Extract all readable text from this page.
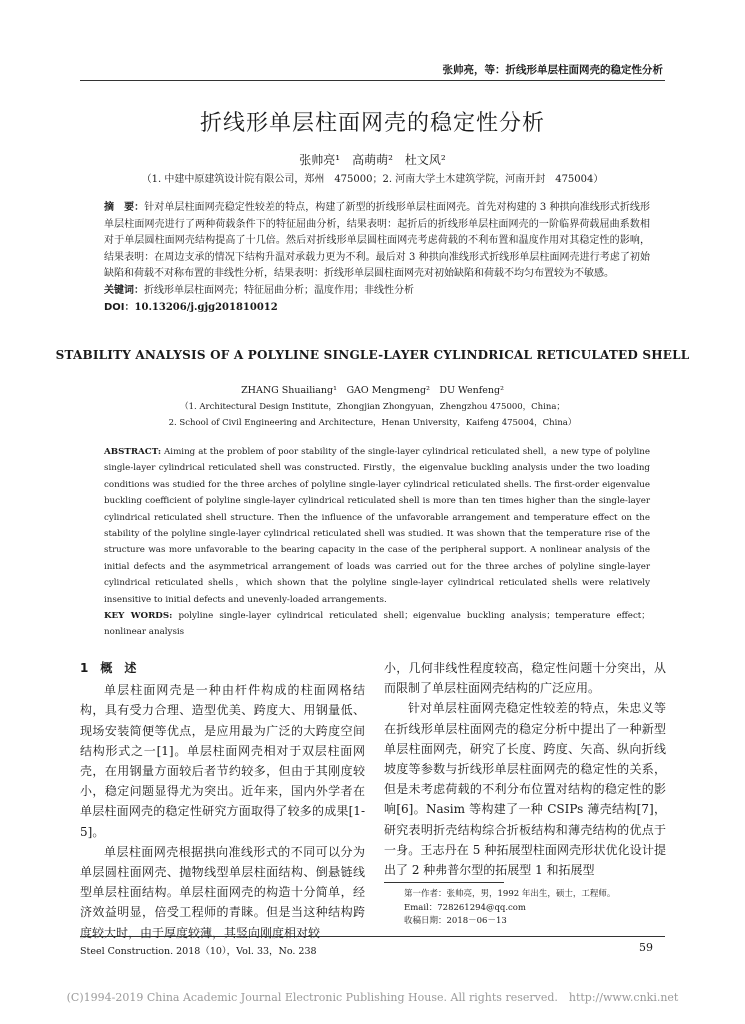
张帅亮，等：折线形单层柱面网壳的稳定性分析
折线形单层柱面网壳的稳定性分析
张帅亮¹　高萌萌²　杜文风²
（1. 中建中原建筑设计院有限公司，郑州　475000；2. 河南大学土木建筑学院，河南开封　475004）
摘　要：针对单层柱面网壳稳定性较差的特点，构建了新型的折线形单层柱面网壳。首先对构建的 3 种拱向准线形式折线形单层柱面网壳进行了两种荷载条件下的特征屈曲分析，结果表明：起折后的折线形单层柱面网壳的一阶临界荷载屈曲系数相对于单层圆柱面网壳结构提高了十几倍。然后对折线形单层圆柱面网壳考虑荷载的不利布置和温度作用对其稳定性的影响，结果表明：在周边支承的情况下结构升温对承载力更为不利。最后对 3 种拱向准线形式折线形单层柱面网壳进行考虑了初始缺陷和荷载不对称布置的非线性分析，结果表明：折线形单层圆柱面网壳对初始缺陷和荷载不均匀布置较为不敏感。
关键词：折线形单层柱面网壳；特征屈曲分析；温度作用；非线性分析
DOI：10.13206/j.gjg201810012
STABILITY ANALYSIS OF A POLYLINE SINGLE-LAYER CYLINDRICAL RETICULATED SHELL
ZHANG Shuailiang¹　GAO Mengmeng²　DU Wenfeng²
（1. Architectural Design Institute，Zhongjian Zhongyuan，Zhengzhou 475000，China；
2. School of Civil Engineering and Architecture，Henan University，Kaifeng 475004，China）
ABSTRACT: Aiming at the problem of poor stability of the single-layer cylindrical reticulated shell，a new type of polyline single-layer cylindrical reticulated shell was constructed. Firstly，the eigenvalue buckling analysis under the two loading conditions was studied for the three arches of polyline single-layer cylindrical reticulated shells. The first-order eigenvalue buckling coefficient of polyline single-layer cylindrical reticulated shell is more than ten times higher than the single-layer cylindrical reticulated shell structure. Then the influence of the unfavorable arrangement and temperature effect on the stability of the polyline single-layer cylindrical reticulated shell was studied. It was shown that the temperature rise of the structure was more unfavorable to the bearing capacity in the case of the peripheral support. A nonlinear analysis of the initial defects and the asymmetrical arrangement of loads was carried out for the three arches of polyline single-layer cylindrical reticulated shells，which shown that the polyline single-layer cylindrical reticulated shells were relatively insensitive to initial defects and unevenly-loaded arrangements.
KEY WORDS: polyline single-layer cylindrical reticulated shell；eigenvalue buckling analysis；temperature effect；nonlinear analysis

1　概　述

单层柱面网壳是一种由杆件构成的柱面网格结构，具有受力合理、造型优美、跨度大、用钢量低、现场安装简便等优点，是应用最为广泛的大跨度空间结构形式之一[1]。单层柱面网壳相对于双层柱面网壳，在用钢量方面较后者节约较多，但由于其刚度较小，稳定问题显得尤为突出。近年来，国内外学者在单层柱面网壳的稳定性研究方面取得了较多的成果[1-5]。

单层柱面网壳根据拱向准线形式的不同可以分为单层圆柱面网壳、抛物线型单层柱面结构、倒悬链线型单层柱面结构。单层柱面网壳的构造十分简单，经济效益明显，倍受工程师的青睐。但是当这种结构跨度较大时，由于厚度较薄，其竖向刚度相对较

小，几何非线性程度较高，稳定性问题十分突出，从而限制了单层柱面网壳结构的广泛应用。

针对单层柱面网壳稳定性较差的特点，朱忠义等在折线形单层柱面网壳的稳定分析中提出了一种新型单层柱面网壳，研究了长度、跨度、矢高、纵向折线坡度等参数与折线形单层柱面网壳的稳定性的关系，但是未考虑荷载的不利分布位置对结构的稳定性的影响[6]。Nasim 等构建了一种 CSIPs 薄壳结构[7]，研究表明折壳结构综合折板结构和薄壳结构的优点于一身。王志丹在 5 种拓展型柱面网壳形状优化设计提出了 2 种弗普尔型的拓展型 1 和拓展型

第一作者：张帅亮，男，1992 年出生，硕士，工程师。
Email：728261294@qq.com
收稿日期：2018－06－13
Steel Construction. 2018（10），Vol. 33，No. 238	59
(C)1994-2019 China Academic Journal Electronic Publishing House. All rights reserved.　http://www.cnki.net
